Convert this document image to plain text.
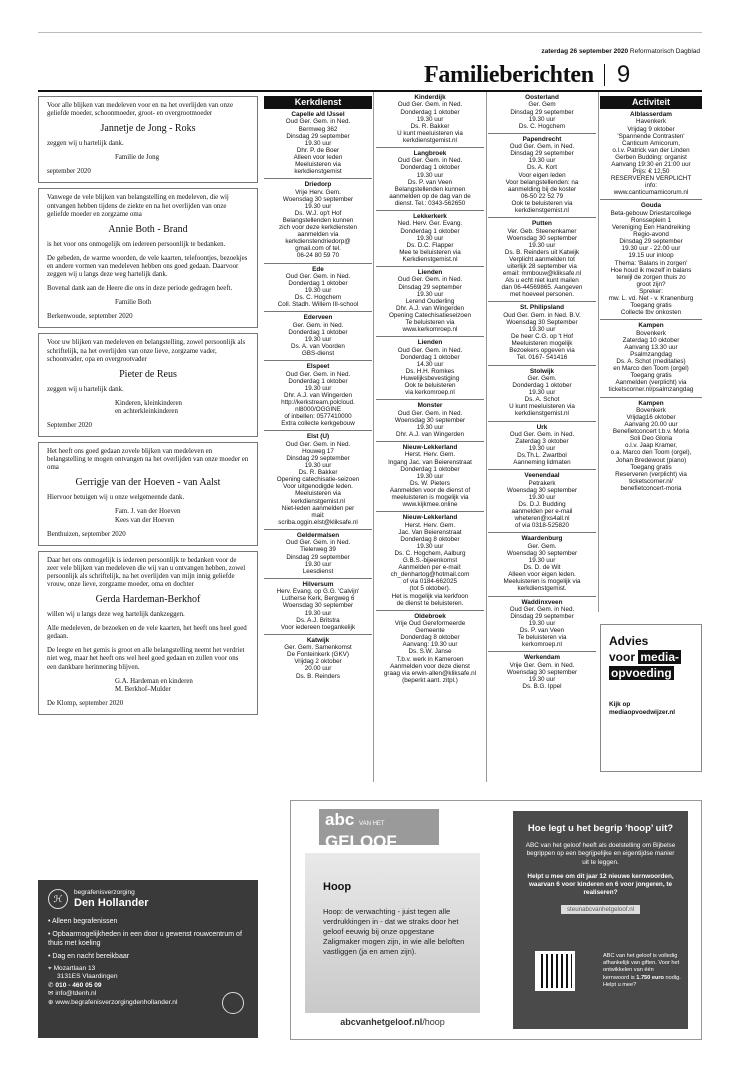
zaterdag 26 september 2020 Reformatorisch Dagblad
Familieberichten 9

Voor alle blijken van medeleven voor en na het overlijden van onze geliefde moeder, schoonmoeder, groot- en overgrootmoeder

Jannetje de Jong - Roks

zeggen wij u hartelijk dank.

Familie de Jong

september 2020

Vanwege de vele blijken van belangstelling en medeleven, die wij ontvangen hebben tijdens de ziekte en na het overlijden van onze geliefde moeder en zorgzame oma

Annie Both - Brand

is het voor ons onmogelijk om iedereen persoonlijk te bedanken.

De gebeden, de warme woorden, de vele kaarten, telefoontjes, bezoekjes en andere vormen van medeleven hebben ons goed gedaan. Daarvoor zeggen wij u langs deze weg hartelijk dank.

Bovenal dank aan de Heere die ons in deze periode gedragen heeft.

Familie Both

Berkenwoude, september 2020

Voor uw blijken van medeleven en belangstelling, zowel persoonlijk als schriftelijk, na het overlijden van onze lieve, zorgzame vader, schoonvader, opa en overgrootvader

Pieter de Reus

zeggen wij u hartelijk dank.

Kinderen, kleinkinderen

en achterkleinkinderen

September 2020

Het heeft ons goed gedaan zovele blijken van medeleven en belangstelling te mogen ontvangen na het overlijden van onze moeder en oma

Gerrigje van der Hoeven - van Aalst

Hiervoor betuigen wij u onze welgemeende dank.

Fam. J. van der Hoeven

Kees van der Hoeven

Benthuizen, september 2020

Daar het ons onmogelijk is iedereen persoonlijk te bedanken voor de zeer vele blijken van medeleven die wij van u ontvangen hebben, zowel persoonlijk als schriftelijk, na het overlijden van mijn innig geliefde vrouw, onze lieve, zorgzame moeder, oma en dochter

Gerda Hardeman-Berkhof

willen wij u langs deze weg hartelijk dankzeggen.

Alle medeleven, de bezoeken en de vele kaarten, het heeft ons heel goed gedaan.

De leegte en het gemis is groot en alle belangstelling neemt het verdriet niet weg, maar het heeft ons wel heel goed gedaan en zullen voor ons een dankbare herinnering blijven.

G.A. Hardeman en kinderen

M. Berkhof–Mulder

De Klomp, september 2020

Kerkdienst
Capelle a/d IJssel
Oud Ger. Gem. in Ned.
Bermweg 362
Dinsdag 29 september
19.30 uur
Dhr. P. de Boer
Alleen voor leden
Meeluisteren via
kerkdienstgemist
Driedorp
Vrije Herv. Gem.
Woensdag 30 september
19.30 uur
Ds. W.J. op't Hof
Belangstellenden kunnen
zich voor deze kerkdiensten
aanmelden via
kerkdienstendriedorp@
gmail.com of tel.
06-24 80 59 70
Ede
Oud Ger. Gem. in Ned.
Donderdag 1 oktober
19.30 uur
Ds. C. Hogchem
Coll. Stadh. Willem III-school
Ederveen
Ger. Gem. in Ned.
Donderdag 1 oktober
19.30 uur
Ds. A. van Voorden
GBS-dienst
Elspeet
Oud Ger. Gem. in Ned.
Donderdag 1 oktober
19.30 uur
Dhr. A.J. van Wingerden
http://kerkstream.polcloud.
nl8000/OGGINE
of inbellen: 0577410000
Extra collecte kerkgebouw
Elst (U)
Oud Ger. Gem. in Ned.
Houweg 17
Dinsdag 29 september
19.30 uur
Ds. R. Bakker
Opening catechisatie-seizoen
Voor uitgenodigde leden.
Meeluisteren via
kerkdienstgemist.nl
Niet-leden aanmelden per
mail:
scriba.oggin.elst@kliksafe.nl
Geldermalsen
Oud Ger. Gem. in Ned.
Tielerweg 39
Dinsdag 29 september
19.30 uur
Leesdienst
Hilversum
Herv. Evang. op G.G. 'Calvijn'
Lutherse Kerk, Bergweg 6
Woensdag 30 september
19.30 uur
Ds. A.J. Britstra
Voor iedereen toegankelijk
Katwijk
Ger. Gem. Samenkomst
De Fonteinkerk (GKV)
Vrijdag 2 oktober
20.00 uur
Ds. B. Reinders
Kinderdijk
Oud Ger. Gem. in Ned.
Donderdag 1 oktober
19.30 uur
Ds. R. Bakker
U kunt meeluisteren via
kerkdienstgemist.nl
Langbroek
Oud Ger. Gem. in Ned.
Donderdag 1 oktober
19.30 uur
Ds. P. van Veen
Belangstellenden kunnen
aanmelden op de dag van de
dienst. Tel.: 0343-562650
Lekkerkerk
Ned. Herv. Ger. Evang.
Donderdag 1 oktober
19.30 uur
Ds. D.C. Flapper
Mee te beluisteren via
Kerkdienstgemist.nl
Lienden
Oud Ger. Gem. in Ned.
Dinsdag 29 september
19.30 uur
Lerend Ouderling
Dhr. A.J. van Wingerden
Opening Catechisatieseizoen
Te beluisteren via
www.kerkomroep.nl
Lienden
Oud Ger. Gem. in Ned.
Donderdag 1 oktober
14.30 uur
Ds. H.H. Romkes
Huwelijksbevestiging
Ook te beluisteren
via kerkomroep.nl
Monster
Oud Ger. Gem. in Ned.
Woensdag 30 september
19.30 uur
Dhr. A.J. van Wingerden
Nieuw-Lekkerland
Herst. Herv. Gem.
Ingang Jac. van Beierenstraat
Donderdag 1 oktober
19.30 uur
Ds. W. Pieters
Aanmelden voor de dienst of
meeluisteren is mogelijk via
www.kijkmee.online
Nieuw-Lekkerland
Herst. Herv. Gem.
Jac. Van Beierenstraat
Donderdag 8 oktober
19.30 uur
Ds. C. Hogchem, Aalburg
G.B.S.-bijeenkomst
Aanmelden per e-mail:
ch_denhartog@hotmail.com
of via 0184-662025
(tot 5 oktober).
Het is mogelijk via kerkfoon
de dienst te beluisteren.
Oldebroek
Vrije Oud Gereformeerde
Gemeente
Donderdag 8 oktober
Aanvang: 19.30 uur
Ds. S.W. Janse
T.b.v. werk in Kameroen
Aanmelden voor deze dienst
graag via erwin-allen@kliksafe.nl
(beperkt aant. zitpl.)
Oosterland
Ger. Gem
Dinsdag 29 september
19.30 uur
Ds. C. Hogchem
Papendrecht
Oud Ger. Gem. in Ned.
Dinsdag 29 september
19.30 uur
Ds. A. Kort
Voor eigen leden
Voor belangstellenden: na
aanmelding bij de koster
06-50 22 52 79
Ook te beluisteren via
kerkdienstgemist.nl
Putten
Ver. Geb. Steenenkamer
Woensdag 30 september
19.30 uur
Ds. B. Reinders uit Katwijk
Verplicht aanmelden tot
uiterlijk 28 september via
email: mmbouw@kliksafe.nl
Als u echt niet kunt mailen
dan 06-44569865. Aangeven
met hoeveel personen.
St. Philipsland
Oud Ger. Gem. in Ned. B.V.
Woensdag 30 September
19.30 uur
De heer C.G. op 't Hof
Meeluisteren mogelijk
Bezoekers opgeven via
Tel. 0167- 541416
Stolwijk
Ger. Gem.
Donderdag 1 oktober
19.30 uur
Ds. A. Schot
U kunt meeluisteren via
kerkdienstgemist.nl
Urk
Oud Ger. Gem. in Ned.
Zaterdag 3 oktober
19.30 uur
Ds.Th.L. Zwartbol
Aanneming lidmaten
Veenendaal
Petrakerk
Woensdag 30 september
19.30 uur
Ds. D.J. Budding
aanmelden per e-mail
wheteren@xs4all.nl
of via 0318-525820
Waardenburg
Ger. Gem.
Woensdag 30 september
19.30 uur
Ds. D. de Wit
Alleen voor eigen leden.
Meeluisteren is mogelijk via
kerkdienstgemist.
Waddinxveen
Oud Ger. Gem. in Ned.
Dinsdag 29 september
19.30 uur
Ds. P. van Veen
Te beluisteren via
kerkomroep.nl
Werkendam
Vrije Ger. Gem. in Ned.
Woensdag 30 september
19.30 uur
Ds. B.G. Ippel
Activiteit
Alblasserdam
Havenkerk
Vrijdag 9 oktober
'Spannende Contrasten'
Canticum Amicorum,
o.l.v. Patrick van der Linden
Gerben Budding: organist
Aanvang 19:30 en 21:00 uur
Prijs: € 12,50
RESERVEREN VERPLICHT
info:
www.canticumamicorum.nl
Gouda
Beta-gebouw Driestarcollege
Ronsseplein 1
Vereniging Een Handreiking
Regio-avond
Dinsdag 29 september
19.30 uur - 22.00 uur
19.15 uur inloop
Thema: 'Balans in zorgen'
Hoe houd ik mezelf in balans
terwijl de zorgen thuis zo
groot zijn?
Spreker:
mw. L. vd. Net - v. Kranenburg
Toegang gratis
Collecte tbv onkosten
Kampen
Bovenkerk
Zaterdag 10 oktober
Aanvang 13.30 uur
Psalmzangdag
Ds. A. Schot (meditaties)
en Marco den Toom (orgel)
Toegang gratis
Aanmelden (verplicht) via
ticketscorner.nl/psalmzangdag
Kampen
Bovenkerk
Vrijdag16 oktober
Aanvang 20.00 uur
Benefietconcert t.b.v. Moria
Soli Deo Gloria
o.l.v. Jaap Kramer,
o.a. Marco den Toom (orgel),
Johan Bredewout (piano)
Toegang gratis
Reserveren (verplicht) via
ticketscorner.nl/
benefietconcert-moria
Advies
voor media-
opvoeding
Kijk op
mediaopvoedwijzer.nl
ℋ
begrafenisverzorging
Den Hollander
• Alleen begrafenissen
• Opbaarmogelijkheden in een door u gewenst rouwcentrum of thuis met koeling
• Dag en nacht bereikbaar
⌖ Mozartlaan 13
3131ES Vlaardingen
✆ 010 - 460 05 09
✉ info@tdenh.nl
⊕ www.begrafenisverzorgingdenhollander.nl
abc VAN HET
GELOOF
Hoop
Hoop: de verwachting - juist tegen alle verdrukkingen in - dat we straks door het geloof eeuwig bij onze opgestane Zaligmaker mogen zijn, in wie alle beloften vastliggen (ja en amen zijn).
abcvanhetgeloof.nl/hoop
Hoe legt u het begrip ‘hoop’ uit?
ABC van het geloof heeft als doelstelling om Bijbelse begrippen op een begrijpelijke en eigentijdse manier uit te leggen.
Helpt u mee om dit jaar 12 nieuwe kernwoorden, waarvan 6 voor kinderen en 6 voor jongeren, te realiseren?
steunabcvanhetgeloof.nl
ABC van het geloof is volledig afhankelijk van giften. Voor het ontwikkelen van één kernwoord is 1.750 euro nodig. Helpt u mee?
